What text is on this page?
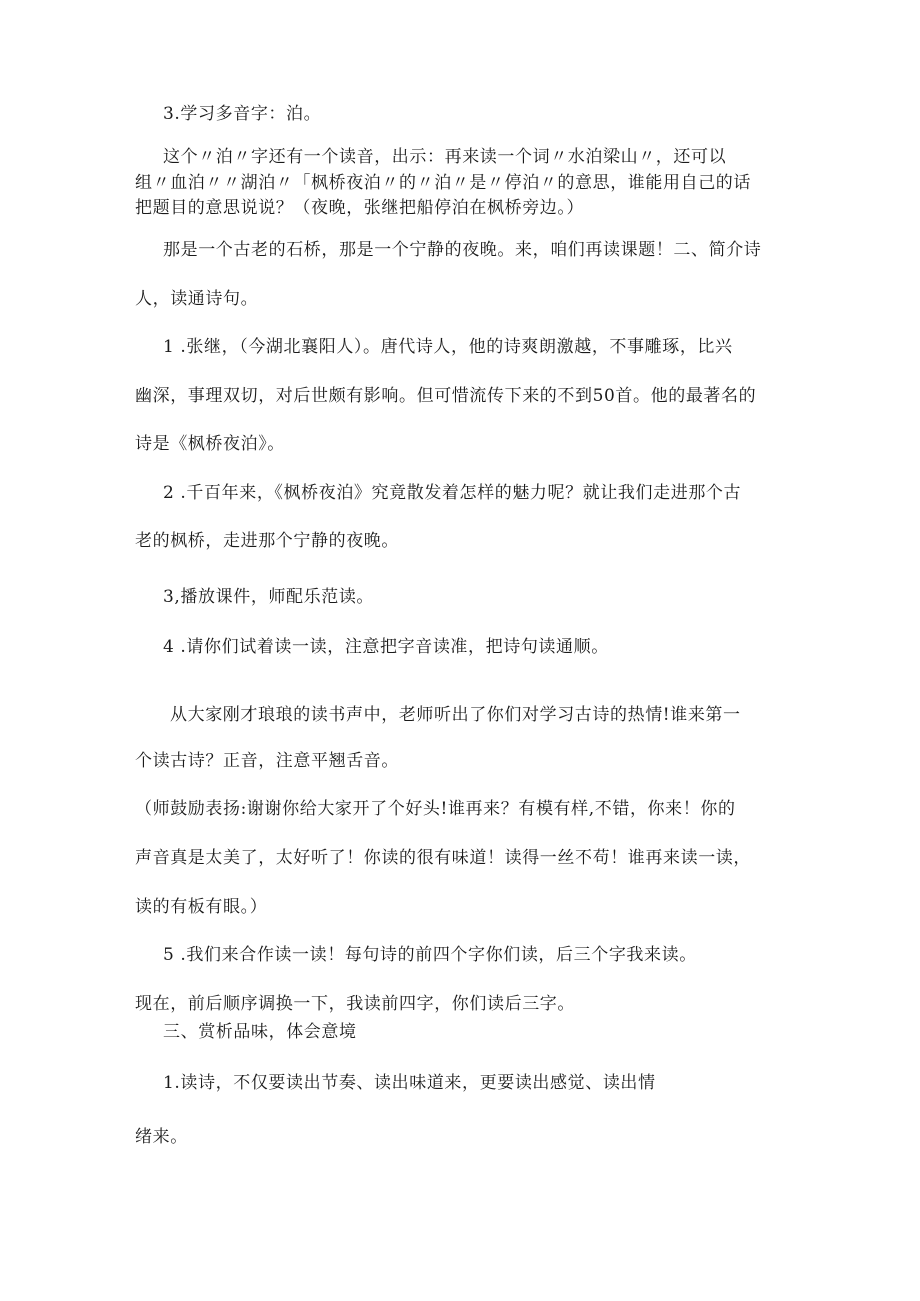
3.学习多音字：泊。
这个〃泊〃字还有一个读音，出示：再来读一个词〃水泊梁山〃，还可以
组〃血泊〃〃湖泊〃「枫桥夜泊〃的〃泊〃是〃停泊〃的意思，谁能用自己的话
把题目的意思说说？（夜晚，张继把船停泊在枫桥旁边。）
那是一个古老的石桥，那是一个宁静的夜晚。来，咱们再读课题！二、简介诗
人，读通诗句。
1 .张继，（今湖北襄阳人）。唐代诗人，他的诗爽朗激越，不事雕琢，比兴
幽深，事理双切，对后世颇有影响。但可惜流传下来的不到50首。他的最著名的
诗是《枫桥夜泊》。
2 .千百年来，《枫桥夜泊》究竟散发着怎样的魅力呢？就让我们走进那个古
老的枫桥，走进那个宁静的夜晚。
3,播放课件，师配乐范读。
4 .请你们试着读一读，注意把字音读准，把诗句读通顺。
从大家刚才琅琅的读书声中，老师听出了你们对学习古诗的热情!谁来第一
个读古诗？正音，注意平翘舌音。
（师鼓励表扬:谢谢你给大家开了个好头!谁再来？有模有样,不错，你来！你的
声音真是太美了，太好听了！你读的很有味道！读得一丝不苟！谁再来读一读，
读的有板有眼。）
5 .我们来合作读一读！每句诗的前四个字你们读，后三个字我来读。
现在，前后顺序调换一下，我读前四字，你们读后三字。
三、赏析品味，体会意境
1.读诗，不仅要读出节奏、读出味道来，更要读出感觉、读出情
绪来。
